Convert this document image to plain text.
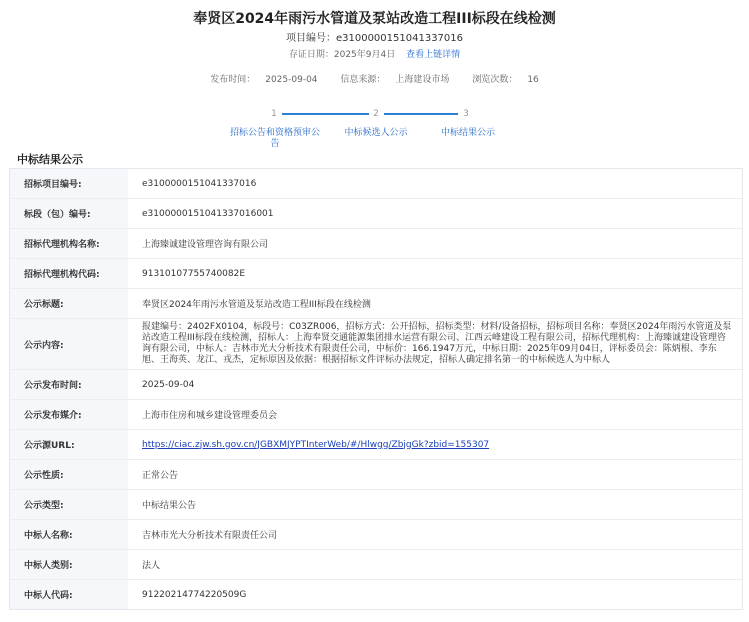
奉贤区2024年雨污水管道及泵站改造工程III标段在线检测
项目编号：e3100000151041337016
存证日期：2025年9月4日 查看上链详情
发布时间： 2025-09-04	信息来源： 上海建设市场	浏览次数： 16
1	2	3
招标公告和资格预审公告
中标候选人公示	中标结果公示
中标结果公示
招标项目编号:	e3100000151041337016
标段（包）编号:	e3100000151041337016001
招标代理机构名称:	上海臻诚建设管理咨询有限公司
招标代理机构代码:	91310107755740082E
公示标题:	奉贤区2024年雨污水管道及泵站改造工程III标段在线检测
公示内容:
报建编号：2402FX0104，标段号：C03ZR006，招标方式：公开招标，招标类型：材料/设备招标，招标项目名称：奉贤区2024年雨污水管道及泵站改造工程III标段在线检测，招标人：上海奉贤交通能源集团排水运营有限公司、江西云峰建设工程有限公司，招标代理机构：上海臻诚建设管理咨询有限公司，中标人：吉林市光大分析技术有限责任公司，中标价：166.1947万元，中标日期：2025年09月04日，评标委员会：陈炳根、李东旭、王海英、龙江、戎杰，定标原因及依据：根据招标文件评标办法规定，招标人确定排名第一的中标候选人为中标人
公示发布时间:	2025-09-04
公示发布媒介:	上海市住房和城乡建设管理委员会
公示源URL:	https://ciac.zjw.sh.gov.cn/JGBXMJYPTInterWeb/#/Hlwgg/ZbjgGk?zbid=155307
公示性质:	正常公告
公示类型:	中标结果公告
中标人名称:	吉林市光大分析技术有限责任公司
中标人类别:	法人
中标人代码:	91220214774220509G
